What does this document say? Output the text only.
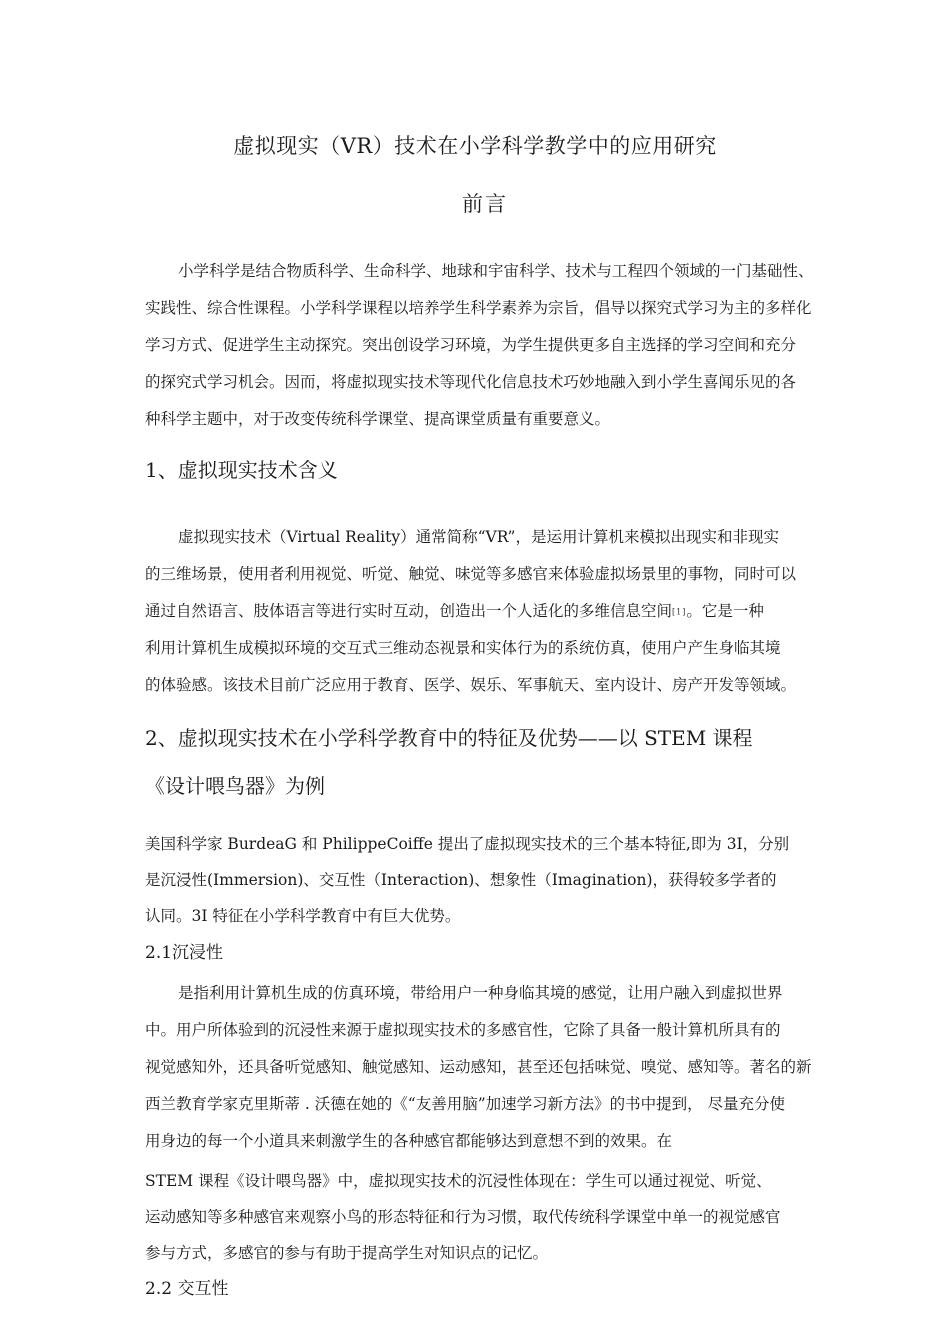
虚拟现实（VR）技术在小学科学教学中的应用研究
前言
小学科学是结合物质科学、生命科学、地球和宇宙科学、技术与工程四个领域的一门基础性、
实践性、综合性课程。小学科学课程以培养学生科学素养为宗旨，倡导以探究式学习为主的多样化
学习方式、促进学生主动探究。突出创设学习环境，为学生提供更多自主选择的学习空间和充分
的探究式学习机会。因而，将虚拟现实技术等现代化信息技术巧妙地融入到小学生喜闻乐见的各
种科学主题中，对于改变传统科学课堂、提高课堂质量有重要意义。
1、虚拟现实技术含义
虚拟现实技术（Virtual Reality）通常简称“VR”，是运用计算机来模拟出现实和非现实
的三维场景，使用者利用视觉、听觉、触觉、味觉等多感官来体验虚拟场景里的事物，同时可以
通过自然语言、肢体语言等进行实时互动，创造出一个人适化的多维信息空间[1]。它是一种
利用计算机生成模拟环境的交互式三维动态视景和实体行为的系统仿真，使用户产生身临其境
的体验感。该技术目前广泛应用于教育、医学、娱乐、军事航天、室内设计、房产开发等领域。
2、虚拟现实技术在小学科学教育中的特征及优势——以 STEM 课程
《设计喂鸟器》为例
美国科学家 BurdeaG 和 PhilippeCoiffe 提出了虚拟现实技术的三个基本特征,即为 3I，分别
是沉浸性(Immersion)、交互性（Interaction)、想象性（Imagination)，获得较多学者的
认同。3I 特征在小学科学教育中有巨大优势。
2.1沉浸性
是指利用计算机生成的仿真环境，带给用户一种身临其境的感觉，让用户融入到虚拟世界
中。用户所体验到的沉浸性来源于虚拟现实技术的多感官性，它除了具备一般计算机所具有的
视觉感知外，还具备听觉感知、触觉感知、运动感知，甚至还包括味觉、嗅觉、感知等。著名的新
西兰教育学家克里斯蒂 . 沃德在她的《“友善用脑”加速学习新方法》的书中提到， 尽量充分使
用身边的每一个小道具来刺激学生的各种感官都能够达到意想不到的效果。在
STEM 课程《设计喂鸟器》中，虚拟现实技术的沉浸性体现在：学生可以通过视觉、听觉、
运动感知等多种感官来观察小鸟的形态特征和行为习惯，取代传统科学课堂中单一的视觉感官
参与方式，多感官的参与有助于提高学生对知识点的记忆。
2.2 交互性
